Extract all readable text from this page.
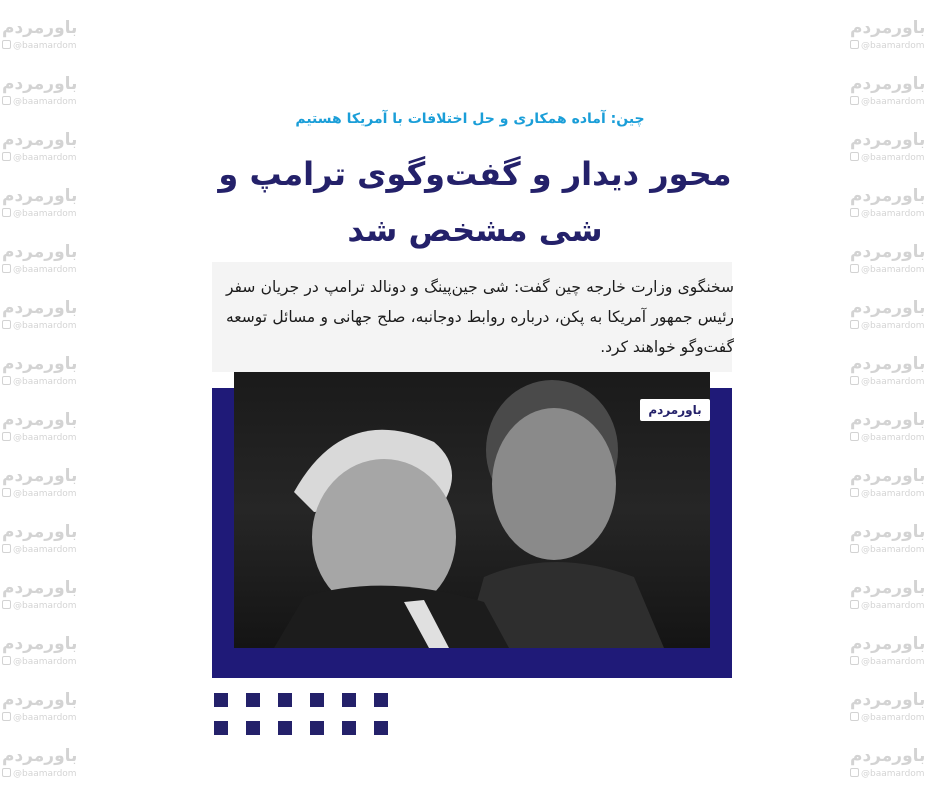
باورمردم
@baamardom
باورمردم
@baamardom
باورمردم
@baamardom
باورمردم
@baamardom
باورمردم
@baamardom
باورمردم
@baamardom
باورمردم
@baamardom
باورمردم
@baamardom
باورمردم
@baamardom
باورمردم
@baamardom
باورمردم
@baamardom
باورمردم
@baamardom
باورمردم
@baamardom
باورمردم
@baamardom
باورمردم
@baamardom
باورمردم
@baamardom
باورمردم
@baamardom
باورمردم
@baamardom
باورمردم
@baamardom
باورمردم
@baamardom
باورمردم
@baamardom
باورمردم
@baamardom
باورمردم
@baamardom
باورمردم
@baamardom
باورمردم
@baamardom
باورمردم
@baamardom
باورمردم
@baamardom
باورمردم
@baamardom
چین: آماده همکاری و حل اختلافات با آمریکا هستیم
محور دیدار و گفت‌وگوی ترامپ و شی مشخص شد
سخنگوی وزارت خارجه چین گفت: شی جین‌پینگ و دونالد ترامپ در جریان سفر رئیس جمهور آمریکا به پکن، درباره روابط دوجانبه، صلح جهانی و مسائل توسعه گفت‌وگو خواهند کرد.
باورمردم
